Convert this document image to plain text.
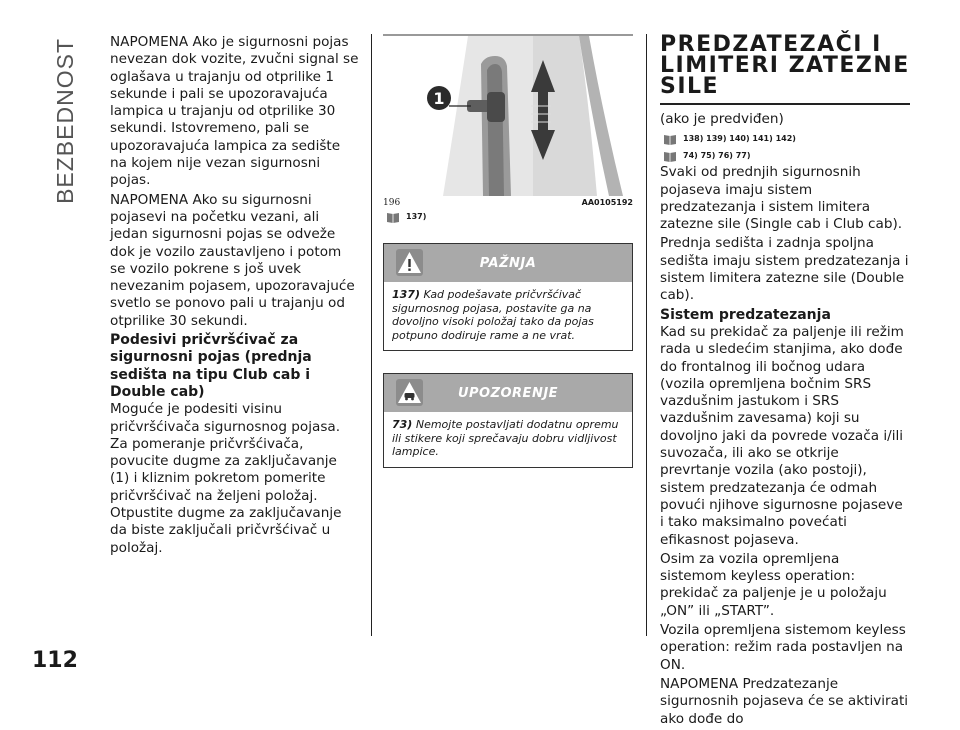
BEZBEDNOST
112

NAPOMENA Ako je sigurnosni pojas nevezan dok vozite, zvučni signal se oglašava u trajanju od otprilike 1 sekunde i pali se upozoravajuća lampica u trajanju od otprilike 30 sekundi. Istovremeno, pali se upozoravajuća lampica za sedište na kojem nije vezan sigurnosni pojas.

NAPOMENA Ako su sigurnosni pojasevi na početku vezani, ali jedan sigurnosni pojas se odveže dok je vozilo zaustavljeno i potom se vozilo pokrene s još uvek nevezanim pojasem, upozoravajuće svetlo se ponovo pali u trajanju od otprilike 30 sekundi.

Podesivi pričvršćivač za sigurnosni pojas (prednja sedišta na tipu Club cab i Double cab)

Moguće je podesiti visinu pričvršćivača sigurnosnog pojasa. Za pomeranje pričvršćivača, povucite dugme za zaključavanje (1) i kliznim pokretom pomerite pričvršćivač na željeni položaj. Otpustite dugme za zaključavanje da biste zaključali pričvršćivač u položaj.

1
196	AA0105192
137)
PAŽNJA
137) Kad podešavate pričvršćivač sigurnosnog pojasa, postavite ga na dovoljno visoki položaj tako da pojas potpuno dodiruje rame a ne vrat.
UPOZORENJE
73) Nemojte postavljati dodatnu opremu ili stikere koji sprečavaju dobru vidljivost lampice.
PREDZATEZAČI I
LIMITERI ZATEZNE
SILE

(ako je predviđen)

138) 139) 140) 141) 142)
74) 75) 76) 77)

Svaki od prednjih sigurnosnih pojaseva imaju sistem predzatezanja i sistem limitera zatezne sile (Single cab i Club cab).

Prednja sedišta i zadnja spoljna sedišta imaju sistem predzatezanja i sistem limitera zatezne sile (Double cab).

Sistem predzatezanja

Kad su prekidač za paljenje ili režim rada u sledećim stanjima, ako dođe do frontalnog ili bočnog udara (vozila opremljena bočnim SRS vazdušnim jastukom i SRS vazdušnim zavesama) koji su dovoljno jaki da povrede vozača i/ili suvozača, ili ako se otkrije prevrtanje vozila (ako postoji), sistem predzatezanja će odmah povući njihove sigurnosne pojaseve i tako maksimalno povećati efikasnost pojaseva.

Osim za vozila opremljena sistemom keyless operation: prekidač za paljenje je u položaju „ON” ili „START”.

Vozila opremljena sistemom keyless operation: režim rada postavljen na ON.

NAPOMENA Predzatezanje sigurnosnih pojaseva će se aktivirati ako dođe do
